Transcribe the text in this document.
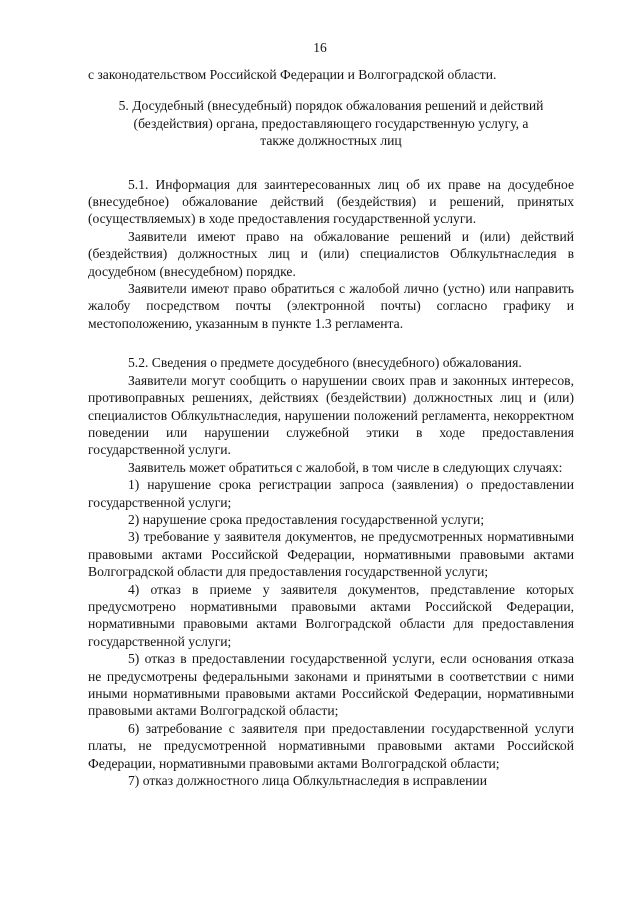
16

с законодательством Российской Федерации и Волгоградской области.

5. Досудебный (внесудебный) порядок обжалования решений и действий (бездействия) органа, предоставляющего государственную услугу, а также должностных лиц

5.1. Информация для заинтересованных лиц об их праве на досудебное (внесудебное) обжалование действий (бездействия) и решений, принятых (осуществляемых) в ходе предоставления государственной услуги.

Заявители имеют право на обжалование решений и (или) действий (бездействия) должностных лиц и (или) специалистов Облкультнаследия в досудебном (внесудебном) порядке.

Заявители имеют право обратиться с жалобой лично (устно) или направить жалобу посредством почты (электронной почты) согласно графику и местоположению, указанным в пункте 1.3 регламента.

5.2. Сведения о предмете досудебного (внесудебного) обжалования.

Заявители могут сообщить о нарушении своих прав и законных интересов, противоправных решениях, действиях (бездействии) должностных лиц и (или) специалистов Облкультнаследия, нарушении положений регламента, некорректном поведении или нарушении служебной этики в ходе предоставления государственной услуги.

Заявитель может обратиться с жалобой, в том числе в следующих случаях:

1) нарушение срока регистрации запроса (заявления) о предоставлении государственной услуги;

2) нарушение срока предоставления государственной услуги;

3) требование у заявителя документов, не предусмотренных нормативными правовыми актами Российской Федерации, нормативными правовыми актами Волгоградской области для предоставления государственной услуги;

4) отказ в приеме у заявителя документов, представление которых предусмотрено нормативными правовыми актами Российской Федерации, нормативными правовыми актами Волгоградской области для предоставления государственной услуги;

5) отказ в предоставлении государственной услуги, если основания отказа не предусмотрены федеральными законами и принятыми в соответствии с ними иными нормативными правовыми актами Российской Федерации, нормативными правовыми актами Волгоградской области;

6) затребование с заявителя при предоставлении государственной услуги платы, не предусмотренной нормативными правовыми актами Российской Федерации, нормативными правовыми актами Волгоградской области;

7) отказ должностного лица Облкультнаследия в исправлении
